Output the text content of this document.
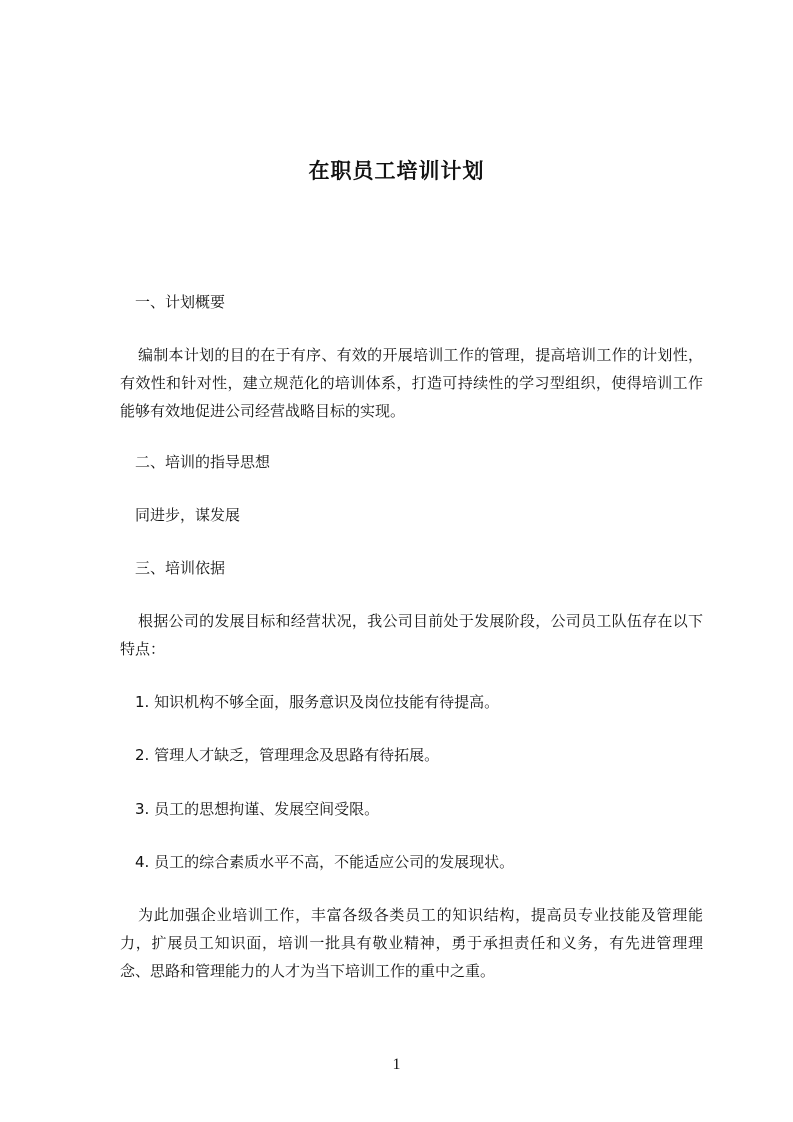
在职员工培训计划

一、计划概要

编制本计划的目的在于有序、有效的开展培训工作的管理，提高培训工作的计划性，有效性和针对性，建立规范化的培训体系，打造可持续性的学习型组织，使得培训工作能够有效地促进公司经营战略目标的实现。

二、培训的指导思想

同进步，谋发展

三、培训依据

根据公司的发展目标和经营状况，我公司目前处于发展阶段，公司员工队伍存在以下特点：

1. 知识机构不够全面，服务意识及岗位技能有待提高。

2. 管理人才缺乏，管理理念及思路有待拓展。

3. 员工的思想拘谨、发展空间受限。

4. 员工的综合素质水平不高，不能适应公司的发展现状。

为此加强企业培训工作，丰富各级各类员工的知识结构，提高员专业技能及管理能力，扩展员工知识面，培训一批具有敬业精神，勇于承担责任和义务，有先进管理理念、思路和管理能力的人才为当下培训工作的重中之重。

1
